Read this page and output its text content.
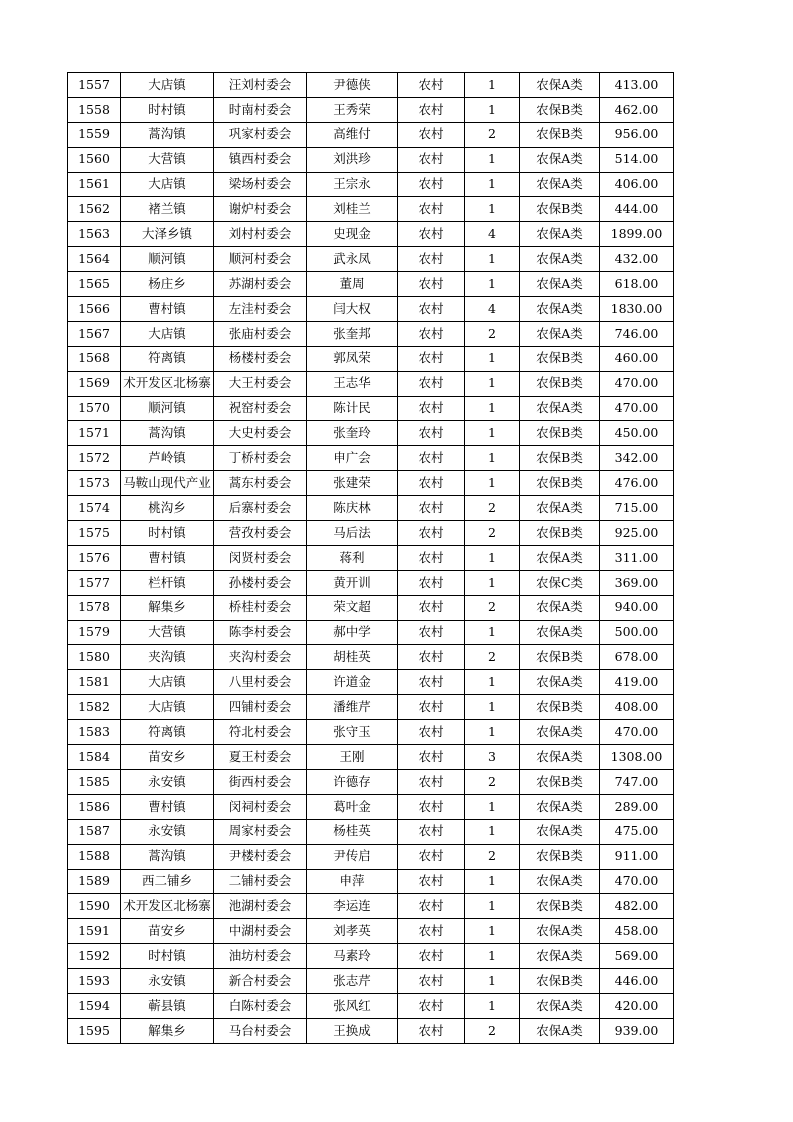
1557	大店镇	汪刘村委会	尹德侠	农村	1	农保A类	413.00
1558	时村镇	时南村委会	王秀荣	农村	1	农保B类	462.00
1559	蒿沟镇	巩家村委会	高维付	农村	2	农保B类	956.00
1560	大营镇	镇西村委会	刘洪珍	农村	1	农保A类	514.00
1561	大店镇	梁场村委会	王宗永	农村	1	农保A类	406.00
1562	褚兰镇	谢炉村委会	刘桂兰	农村	1	农保B类	444.00
1563	大泽乡镇	刘村村委会	史现金	农村	4	农保A类	1899.00
1564	顺河镇	顺河村委会	武永凤	农村	1	农保A类	432.00
1565	杨庄乡	苏湖村委会	董周	农村	1	农保A类	618.00
1566	曹村镇	左洼村委会	闫大权	农村	4	农保A类	1830.00
1567	大店镇	张庙村委会	张奎邦	农村	2	农保A类	746.00
1568	符离镇	杨楼村委会	郭凤荣	农村	1	农保B类	460.00
1569	术开发区北杨寨	大王村委会	王志华	农村	1	农保B类	470.00
1570	顺河镇	祝窑村委会	陈计民	农村	1	农保A类	470.00
1571	蒿沟镇	大史村委会	张奎玲	农村	1	农保B类	450.00
1572	芦岭镇	丁桥村委会	申广会	农村	1	农保B类	342.00
1573	马鞍山现代产业	蒿东村委会	张建荣	农村	1	农保B类	476.00
1574	桃沟乡	后寨村委会	陈庆林	农村	2	农保A类	715.00
1575	时村镇	营孜村委会	马后法	农村	2	农保B类	925.00
1576	曹村镇	闵贤村委会	蒋利	农村	1	农保A类	311.00
1577	栏杆镇	孙楼村委会	黄开训	农村	1	农保C类	369.00
1578	解集乡	桥桂村委会	荣文超	农村	2	农保A类	940.00
1579	大营镇	陈李村委会	郝中学	农村	1	农保A类	500.00
1580	夹沟镇	夹沟村委会	胡桂英	农村	2	农保B类	678.00
1581	大店镇	八里村委会	许道金	农村	1	农保A类	419.00
1582	大店镇	四铺村委会	潘维芹	农村	1	农保B类	408.00
1583	符离镇	符北村委会	张守玉	农村	1	农保A类	470.00
1584	苗安乡	夏王村委会	王刚	农村	3	农保A类	1308.00
1585	永安镇	街西村委会	许德存	农村	2	农保B类	747.00
1586	曹村镇	闵祠村委会	葛叶金	农村	1	农保A类	289.00
1587	永安镇	周家村委会	杨桂英	农村	1	农保A类	475.00
1588	蒿沟镇	尹楼村委会	尹传启	农村	2	农保B类	911.00
1589	西二铺乡	二铺村委会	申萍	农村	1	农保A类	470.00
1590	术开发区北杨寨	池湖村委会	李运连	农村	1	农保B类	482.00
1591	苗安乡	中湖村委会	刘孝英	农村	1	农保A类	458.00
1592	时村镇	油坊村委会	马素玲	农村	1	农保A类	569.00
1593	永安镇	新合村委会	张志芹	农村	1	农保B类	446.00
1594	蕲县镇	白陈村委会	张风红	农村	1	农保A类	420.00
1595	解集乡	马台村委会	王换成	农村	2	农保A类	939.00
